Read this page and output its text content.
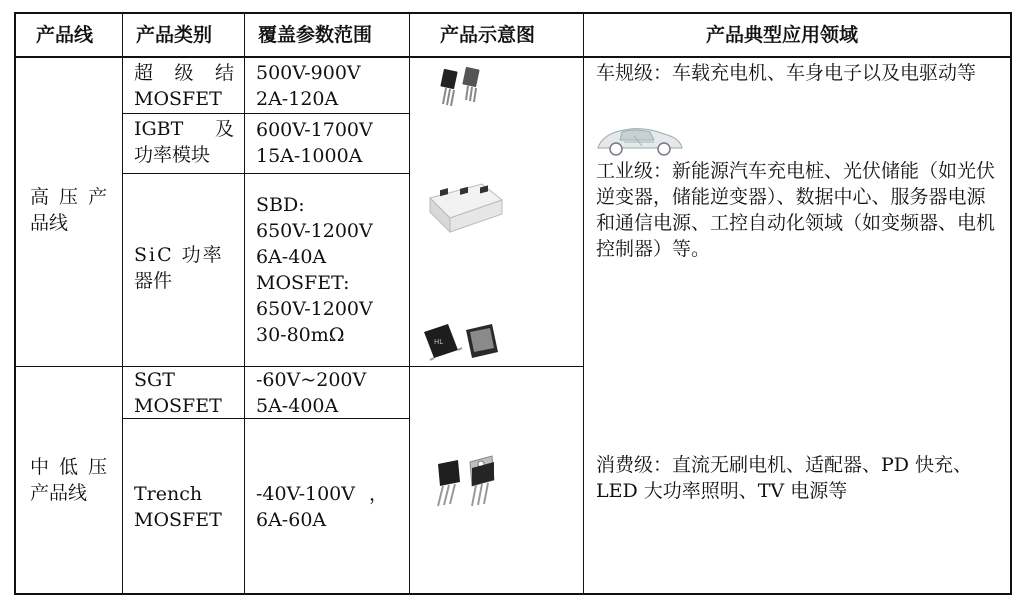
产品线 产品类别 覆盖参数范围	产品示意图	产品典型应用领域
高 压 产
品线
中 低 压
产品线
超 级 结
MOSFET
500V-900V
2A-120A
IGBT 及
功率模块
600V-1700V
15A-1000A
SiC 功率
器件
SBD:
650V-1200V
6A-40A
MOSFET:
650V-1200V
30-80mΩ
SGT
MOSFET
-60V~200V
5A-400A
Trench
MOSFET
-40V-100V ，
6A-60A
车规级：车载充电机、车身电子以及电驱动等
工业级：新能源汽车充电桩、光伏储能（如光伏逆变器，储能逆变器）、数据中心、服务器电源和通信电源、工控自动化领域（如变频器、电机控制器）等。
消费级：直流无刷电机、适配器、PD 快充、LED 大功率照明、TV 电源等
HL
